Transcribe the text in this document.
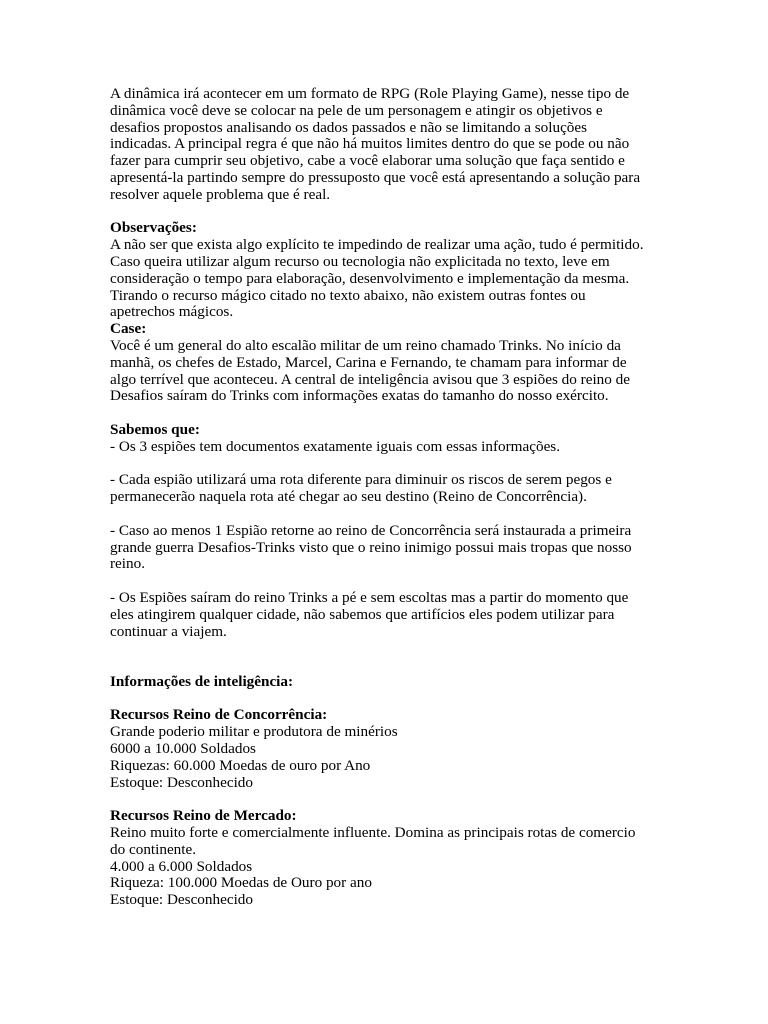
A dinâmica irá acontecer em um formato de RPG (Role Playing Game), nesse tipo de
dinâmica você deve se colocar na pele de um personagem e atingir os objetivos e
desafios propostos analisando os dados passados e não se limitando a soluções
indicadas. A principal regra é que não há muitos limites dentro do que se pode ou não
fazer para cumprir seu objetivo, cabe a você elaborar uma solução que faça sentido e
apresentá-la partindo sempre do pressuposto que você está apresentando a solução para
resolver aquele problema que é real.

Observações:

A não ser que exista algo explícito te impedindo de realizar uma ação, tudo é permitido.
Caso queira utilizar algum recurso ou tecnologia não explicitada no texto, leve em
consideração o tempo para elaboração, desenvolvimento e implementação da mesma.
Tirando o recurso mágico citado no texto abaixo, não existem outras fontes ou
apetrechos mágicos.

Case:

Você é um general do alto escalão militar de um reino chamado Trinks. No início da
manhã, os chefes de Estado, Marcel, Carina e Fernando, te chamam para informar de
algo terrível que aconteceu. A central de inteligência avisou que 3 espiões do reino de
Desafios saíram do Trinks com informações exatas do tamanho do nosso exército.

Sabemos que:

- Os 3 espiões tem documentos exatamente iguais com essas informações.

- Cada espião utilizará uma rota diferente para diminuir os riscos de serem pegos e
permanecerão naquela rota até chegar ao seu destino (Reino de Concorrência).

- Caso ao menos 1 Espião retorne ao reino de Concorrência será instaurada a primeira
grande guerra Desafios-Trinks visto que o reino inimigo possui mais tropas que nosso
reino.

- Os Espiões saíram do reino Trinks a pé e sem escoltas mas a partir do momento que
eles atingirem qualquer cidade, não sabemos que artifícios eles podem utilizar para
continuar a viajem.

Informações de inteligência:

Recursos Reino de Concorrência:

Grande poderio militar e produtora de minérios

6000 a 10.000 Soldados

Riquezas: 60.000 Moedas de ouro por Ano

Estoque: Desconhecido

Recursos Reino de Mercado:

Reino muito forte e comercialmente influente. Domina as principais rotas de comercio
do continente.

4.000 a 6.000 Soldados

Riqueza: 100.000 Moedas de Ouro por ano

Estoque: Desconhecido
